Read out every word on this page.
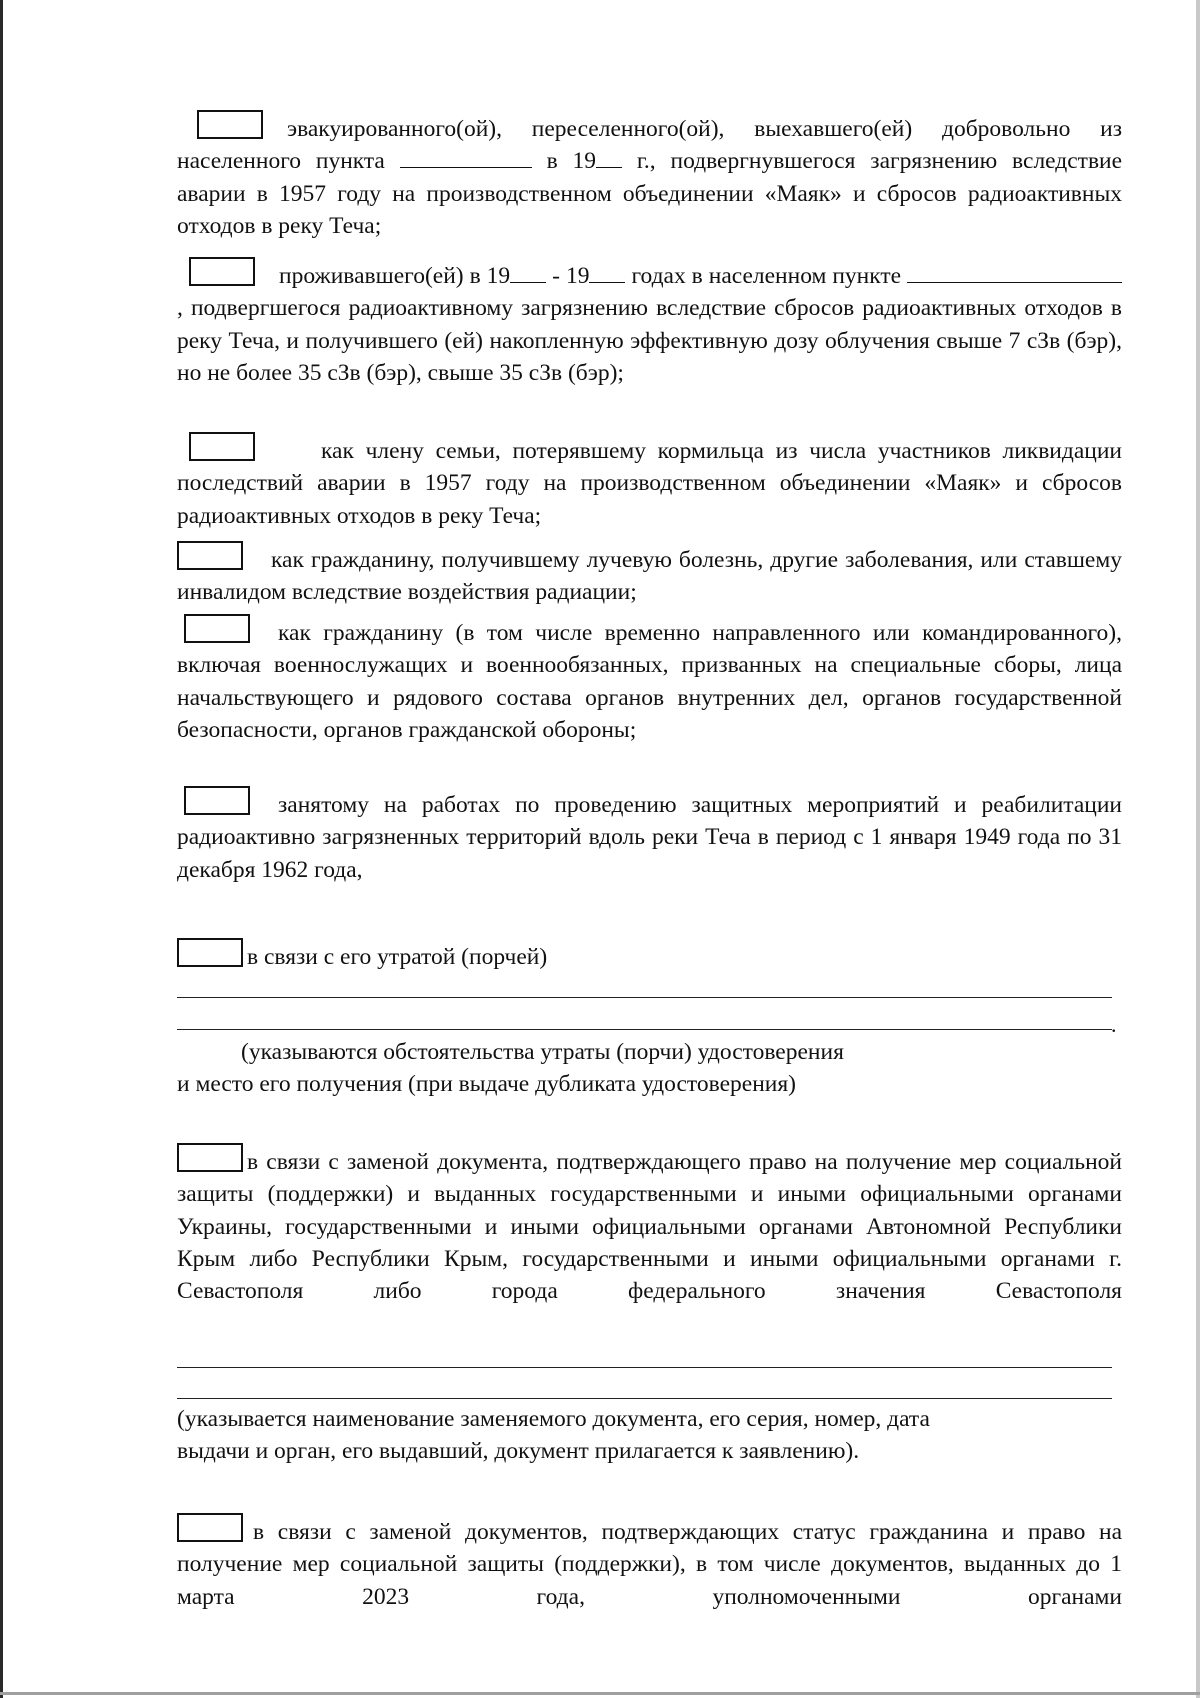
эвакуированного(ой), переселенного(ой), выехавшего(ей) добровольно из населенного пункта	в 19 г., подвергнувшегося загрязнению вследствие аварии в 1957 году на производственном объединении «Маяк» и сбросов радиоактивных отходов в реку Теча;

проживавшего(ей) в 19 - 19 годах в населенном пункте , подвергшегося радиоактивному загрязнению вследствие сбросов радиоактивных отходов в реку Теча, и получившего (ей) накопленную эффективную дозу облучения свыше 7 сЗв (бэр), но не более 35 сЗв (бэр), свыше 35 сЗв (бэр);

как члену семьи, потерявшему кормильца из числа участников ликвидации последствий аварии в 1957 году на производственном объединении «Маяк» и сбросов радиоактивных отходов в реку Теча;

как гражданину, получившему лучевую болезнь, другие заболевания, или ставшему инвалидом вследствие воздействия радиации;

как гражданину (в том числе временно направленного или командированного), включая военнослужащих и военнообязанных, призванных на специальные сборы, лица начальствующего и рядового состава органов внутренних дел, органов государственной безопасности, органов гражданской обороны;

занятому на работах по проведению защитных мероприятий и реабилитации радиоактивно загрязненных территорий вдоль реки Теча в период с 1 января 1949 года по 31 декабря 1962 года,

в связи с его утратой (порчей)

.
(указываются обстоятельства утраты (порчи) удостоверения
и место его получения (при выдаче дубликата удостоверения)

в связи с заменой документа, подтверждающего право на получение мер социальной защиты (поддержки) и выданных государственными и иными официальными органами Украины, государственными и иными официальными органами Автономной Республики Крым либо Республики Крым, государственными и иными официальными органами г. Севастополя либо города федерального значения Севастополя

(указывается наименование заменяемого документа, его серия, номер, дата
выдачи и орган, его выдавший, документ прилагается к заявлению).

в связи с заменой документов, подтверждающих статус гражданина и право на получение мер социальной защиты (поддержки), в том числе документов, выданных до 1 марта 2023 года, уполномоченными органами
